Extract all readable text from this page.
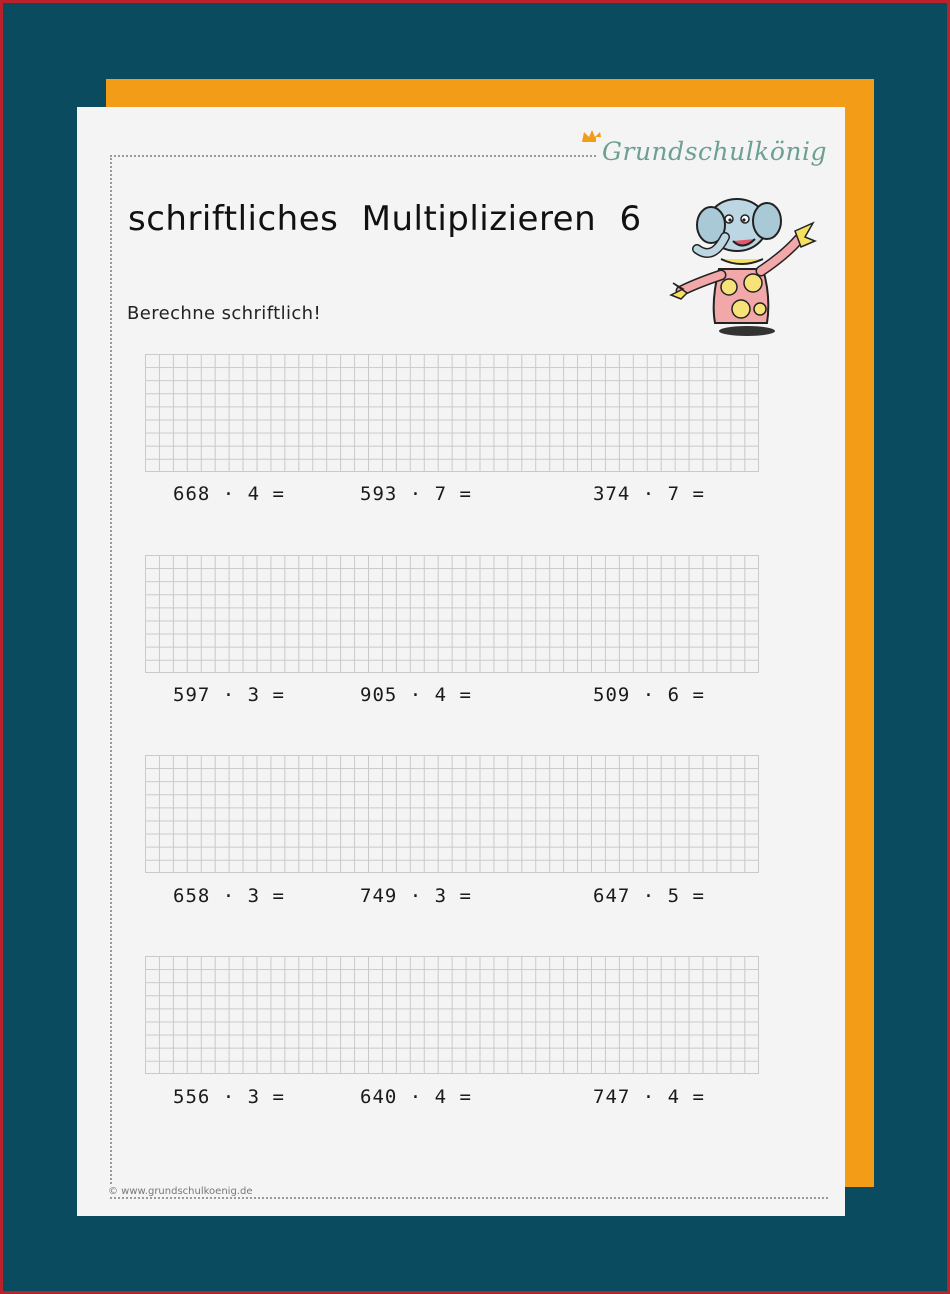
Grundschulkönig
schriftliches Multiplizieren 6
Berechne schriftlich!
668 · 4 =	593 · 7 =	374 · 7 =
597 · 3 =	905 · 4 =	509 · 6 =
658 · 3 =	749 · 3 =	647 · 5 =
556 · 3 =	640 · 4 =	747 · 4 =
© www.grundschulkoenig.de
